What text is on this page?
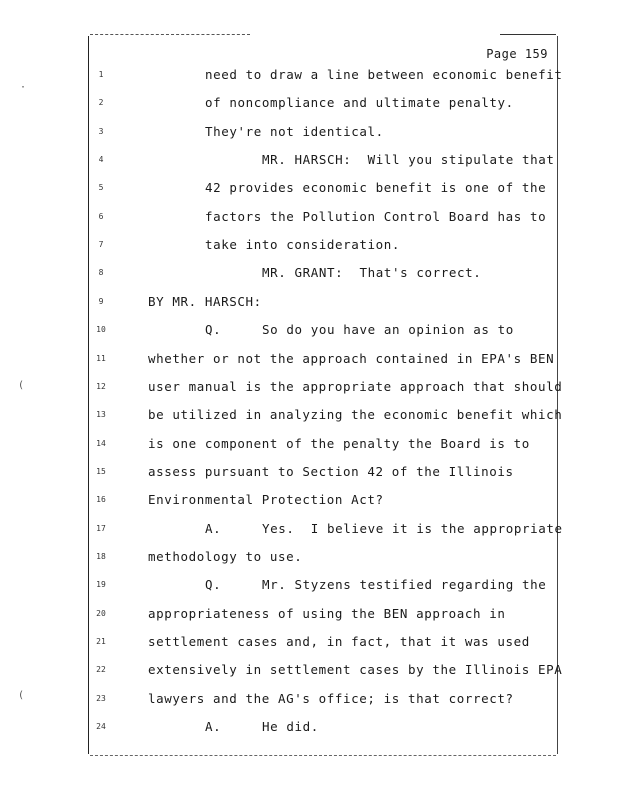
Page 159
·
(
(
1	need to draw a line between economic benefit
2	of noncompliance and ultimate penalty.
3	They're not identical.
4	MR. HARSCH:  Will you stipulate that
5	42 provides economic benefit is one of the
6	factors the Pollution Control Board has to
7	take into consideration.
8	MR. GRANT:  That's correct.
9	BY MR. HARSCH:
10	Q.	So do you have an opinion as to
11	whether or not the approach contained in EPA's BEN
12	user manual is the appropriate approach that should
13	be utilized in analyzing the economic benefit which
14	is one component of the penalty the Board is to
15	assess pursuant to Section 42 of the Illinois
16	Environmental Protection Act?
17	A.	Yes.  I believe it is the appropriate
18	methodology to use.
19	Q.	Mr. Styzens testified regarding the
20	appropriateness of using the BEN approach in
21	settlement cases and, in fact, that it was used
22	extensively in settlement cases by the Illinois EPA
23	lawyers and the AG's office; is that correct?
24	A.	He did.
